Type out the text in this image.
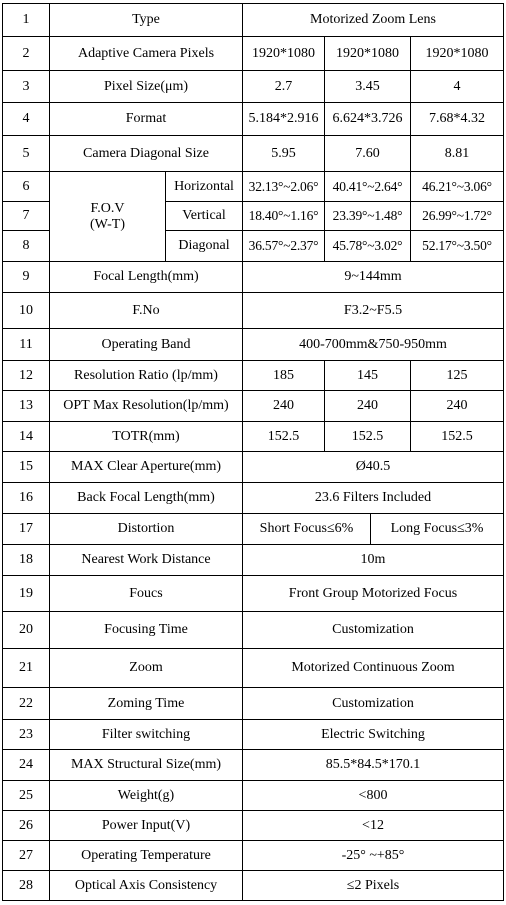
1	Type		Motorized Zoom Lens			
2	Adaptive Camera Pixels		1920*1080	1920*1080		1920*1080
3	Pixel Size(μm)		2.7	3.45		4
4	Format		5.184*2.916	6.624*3.726		7.68*4.32
5	Camera Diagonal Size		5.95	7.60		8.81
6	F.O.V
(W-T)	Horizontal	32.13°~2.06°	40.41°~2.64°		46.21°~3.06°
7		Vertical	18.40°~1.16°	23.39°~1.48°		26.99°~1.72°
8		Diagonal	36.57°~2.37°	45.78°~3.02°		52.17°~3.50°
9	Focal Length(mm)		9~144mm			
10	F.No		F3.2~F5.5			
11	Operating Band		400-700mm&750-950mm			
12	Resolution Ratio (lp/mm)		185	145		125
13	OPT Max Resolution(lp/mm)		240	240		240
14	TOTR(mm)		152.5	152.5		152.5
15	MAX Clear Aperture(mm)		Ø40.5			
16	Back Focal Length(mm)		23.6 Filters Included			
17	Distortion		Short Focus≤6%		Long Focus≤3%	
18	Nearest Work Distance		10m			
19	Foucs		Front Group Motorized Focus			
20	Focusing Time		Customization			
21	Zoom		Motorized Continuous Zoom			
22	Zoming Time		Customization			
23	Filter switching		Electric Switching			
24	MAX Structural Size(mm)		85.5*84.5*170.1			
25	Weight(g)		<800			
26	Power Input(V)		<12			
27	Operating Temperature		-25° ~+85°			
28	Optical Axis Consistency		≤2 Pixels			
